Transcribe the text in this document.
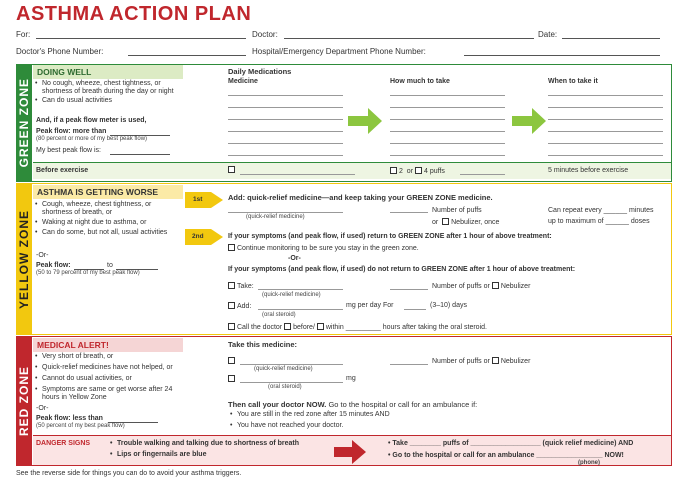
ASTHMA ACTION PLAN
For:	Doctor:	Date:
Doctor's Phone Number:	Hospital/Emergency Department Phone Number:
GREEN ZONE
DOING WELL
• No cough, wheeze, chest tightness, or shortness of breath during the day or night
• Can do usual activities
And, if a peak flow meter is used,
Peak flow: more than
(80 percent or more of my best peak flow)
My best peak flow is:
Daily Medications
Medicine	How much to take	When to take it
Before exercise	2 or 4 puffs	5 minutes before exercise
YELLOW ZONE
ASTHMA IS GETTING WORSE
• Cough, wheeze, chest tightness, or shortness of breath, or
• Waking at night due to asthma, or
• Can do some, but not all, usual activities
-Or-
Peak flow:	to
(50 to 79 percent of my best peak flow)
1st
2nd
Add: quick-relief medicine—and keep taking your GREEN ZONE medicine.
(quick-relief medicine)
Number of puffs
or Nebulizer, once
Can repeat every ______ minutes
up to maximum of ______ doses
If your symptoms (and peak flow, if used) return to GREEN ZONE after 1 hour of above treatment:
Continue monitoring to be sure you stay in the green zone.
-Or-
If your symptoms (and peak flow, if used) do not return to GREEN ZONE after 1 hour of above treatment:
Take:
(quick-relief medicine)
Number of puffs or Nebulizer
Add:	mg per day For	(3–10) days
(oral steroid)
Call the doctor before/ within _________ hours after taking the oral steroid.
RED ZONE
MEDICAL ALERT!
• Very short of breath, or
• Quick-relief medicines have not helped, or
• Cannot do usual activities, or
• Symptoms are same or get worse after 24 hours in Yellow Zone
-Or-
Peak flow: less than
(50 percent of my best peak flow)
Take this medicine:
(quick-relief medicine)
Number of puffs or Nebulizer
mg
(oral steroid)
Then call your doctor NOW. Go to the hospital or call for an ambulance if:
• You are still in the red zone after 15 minutes AND
• You have not reached your doctor.
DANGER SIGNS	• Trouble walking and talking due to shortness of breath
• Lips or fingernails are blue
• Take ________ puffs of __________________ (quick relief medicine) AND
• Go to the hospital or call for an ambulance _________________ NOW!
(phone)
See the reverse side for things you can do to avoid your asthma triggers.
